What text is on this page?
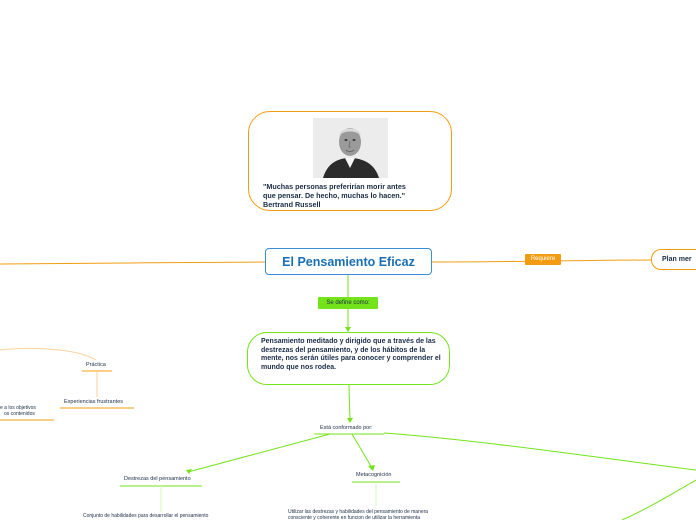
"Muchas personas preferirían morir antes
que pensar. De hecho, muchas lo hacen."
Bertrand Russell
El Pensamiento Eficaz	Requiere	Plan mer
Se define como:
Pensamiento meditado y dirigido que a través de las destrezas del pensamiento, y de los hábitos de la mente, nos serán útiles para conocer y comprender el mundo que nos rodea.
Está conformado por:
Destrezas del pensamiento
Conjunto de habilidades para desarrollar el pensamiento
Metacognición
Utilizar las destrezas y habilidades del pensamiento de manera
consciente y coherente en funcion de utilizar la herramienta
Práctica
Experiencias frustrantes
e a los objetivos
os contenidos
